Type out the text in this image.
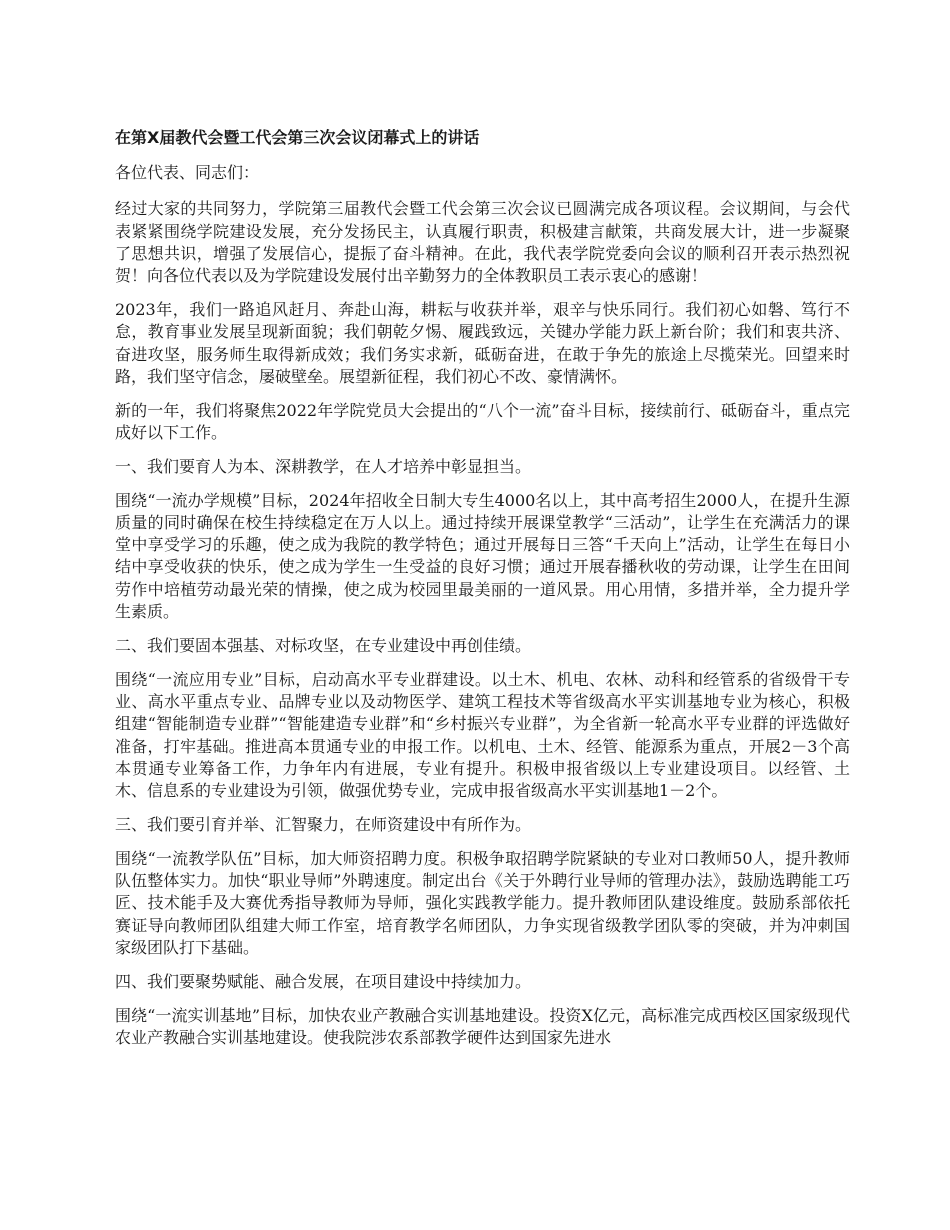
在第X届教代会暨工代会第三次会议闭幕式上的讲话

各位代表、同志们：

经过大家的共同努力，学院第三届教代会暨工代会第三次会议已圆满完成各项议程。会议期间，与会代表紧紧围绕学院建设发展，充分发扬民主，认真履行职责，积极建言献策，共商发展大计，进一步凝聚了思想共识，增强了发展信心，提振了奋斗精神。在此，我代表学院党委向会议的顺利召开表示热烈祝贺！向各位代表以及为学院建设发展付出辛勤努力的全体教职员工表示衷心的感谢！

2023年，我们一路追风赶月、奔赴山海，耕耘与收获并举，艰辛与快乐同行。我们初心如磐、笃行不怠，教育事业发展呈现新面貌；我们朝乾夕惕、履践致远，关键办学能力跃上新台阶；我们和衷共济、奋进攻坚，服务师生取得新成效；我们务实求新，砥砺奋进，在敢于争先的旅途上尽揽荣光。回望来时路，我们坚守信念，屡破壁垒。展望新征程，我们初心不改、豪情满怀。

新的一年，我们将聚焦2022年学院党员大会提出的“八个一流”奋斗目标，接续前行、砥砺奋斗，重点完成好以下工作。

一、我们要育人为本、深耕教学，在人才培养中彰显担当。

围绕“一流办学规模”目标，2024年招收全日制大专生4000名以上，其中高考招生2000人，在提升生源质量的同时确保在校生持续稳定在万人以上。通过持续开展课堂教学“三活动”，让学生在充满活力的课堂中享受学习的乐趣，使之成为我院的教学特色；通过开展每日三答“千天向上”活动，让学生在每日小结中享受收获的快乐，使之成为学生一生受益的良好习惯；通过开展春播秋收的劳动课，让学生在田间劳作中培植劳动最光荣的情操，使之成为校园里最美丽的一道风景。用心用情，多措并举，全力提升学生素质。

二、我们要固本强基、对标攻坚，在专业建设中再创佳绩。

围绕“一流应用专业”目标，启动高水平专业群建设。以土木、机电、农林、动科和经管系的省级骨干专业、高水平重点专业、品牌专业以及动物医学、建筑工程技术等省级高水平实训基地专业为核心，积极组建“智能制造专业群”“智能建造专业群”和“乡村振兴专业群”，为全省新一轮高水平专业群的评选做好准备，打牢基础。推进高本贯通专业的申报工作。以机电、土木、经管、能源系为重点，开展2－3个高本贯通专业筹备工作，力争年内有进展，专业有提升。积极申报省级以上专业建设项目。以经管、土木、信息系的专业建设为引领，做强优势专业，完成申报省级高水平实训基地1－2个。

三、我们要引育并举、汇智聚力，在师资建设中有所作为。

围绕“一流教学队伍”目标，加大师资招聘力度。积极争取招聘学院紧缺的专业对口教师50人，提升教师队伍整体实力。加快“职业导师”外聘速度。制定出台《关于外聘行业导师的管理办法》，鼓励选聘能工巧匠、技术能手及大赛优秀指导教师为导师，强化实践教学能力。提升教师团队建设维度。鼓励系部依托赛证导向教师团队组建大师工作室，培育教学名师团队，力争实现省级教学团队零的突破，并为冲刺国家级团队打下基础。

四、我们要聚势赋能、融合发展，在项目建设中持续加力。

围绕“一流实训基地”目标，加快农业产教融合实训基地建设。投资X亿元，高标准完成西校区国家级现代农业产教融合实训基地建设。使我院涉农系部教学硬件达到国家先进水
